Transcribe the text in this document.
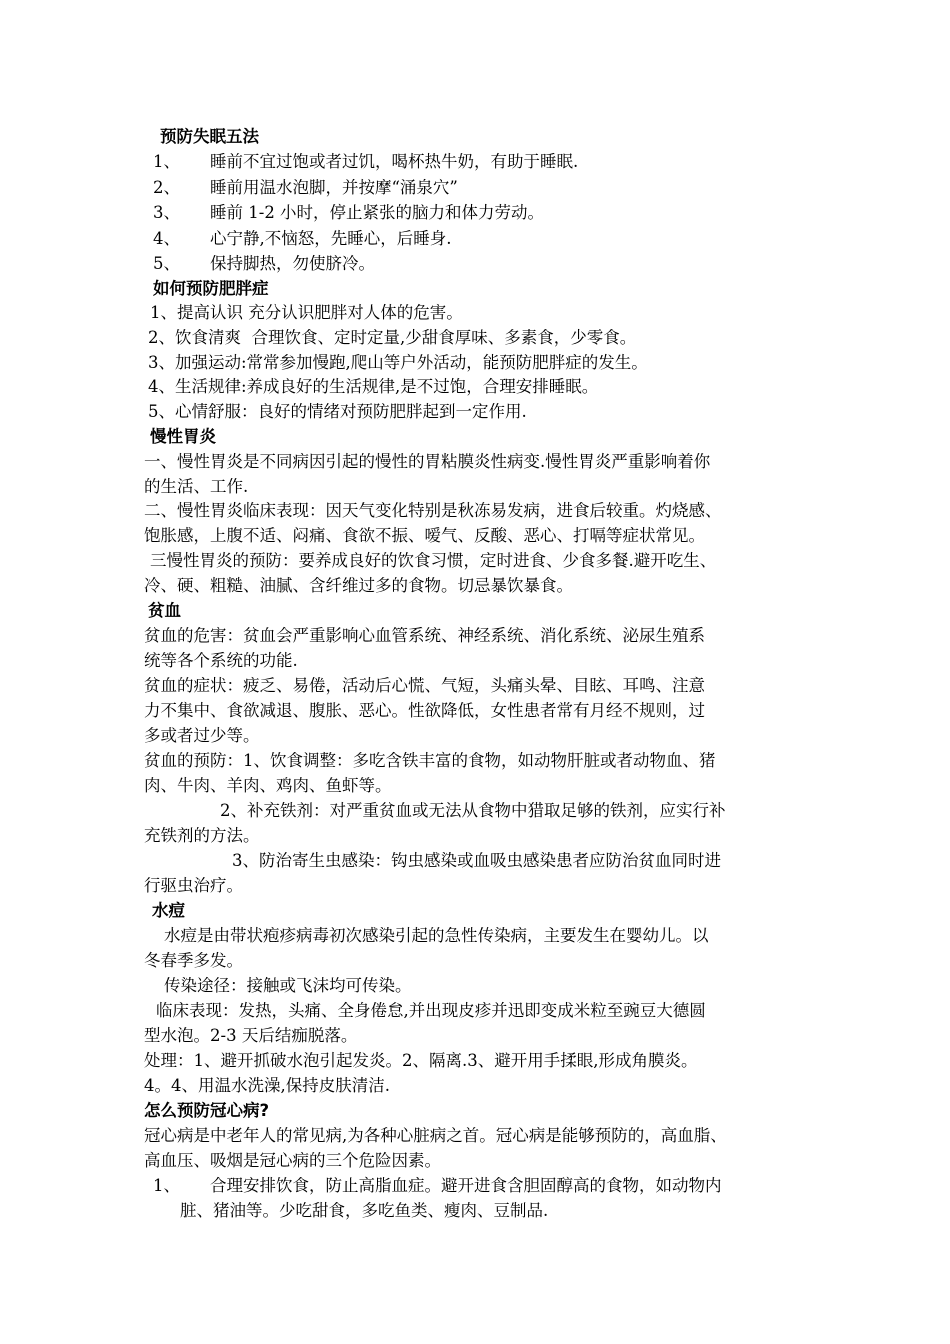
预防失眠五法
1、 睡前不宜过饱或者过饥，喝杯热牛奶，有助于睡眠.
2、 睡前用温水泡脚，并按摩“涌泉穴”
3、 睡前 1-2 小时，停止紧张的脑力和体力劳动。
4、 心宁静,不恼怒，先睡心，后睡身.
5、 保持脚热，勿使脐冷。
如何预防肥胖症
1、提高认识 充分认识肥胖对人体的危害。
2、饮食清爽  合理饮食、定时定量,少甜食厚味、多素食，少零食。
3、加强运动:常常参加慢跑,爬山等户外活动，能预防肥胖症的发生。
4、生活规律:养成良好的生活规律,是不过饱，合理安排睡眠。
5、心情舒服：良好的情绪对预防肥胖起到一定作用.
慢性胃炎
一、慢性胃炎是不同病因引起的慢性的胃粘膜炎性病变.慢性胃炎严重影响着你
的生活、工作.
二、慢性胃炎临床表现：因天气变化特别是秋冻易发病，进食后较重。灼烧感、
饱胀感，上腹不适、闷痛、食欲不振、嗳气、反酸、恶心、打嗝等症状常见。
三慢性胃炎的预防：要养成良好的饮食习惯，定时进食、少食多餐.避开吃生、
冷、硬、粗糙、油腻、含纤维过多的食物。切忌暴饮暴食。
贫血
贫血的危害：贫血会严重影响心血管系统、神经系统、消化系统、泌尿生殖系
统等各个系统的功能.
贫血的症状：疲乏、易倦，活动后心慌、气短，头痛头晕、目眩、耳鸣、注意
力不集中、食欲减退、腹胀、恶心。性欲降低，女性患者常有月经不规则，过
多或者过少等。
贫血的预防：1、饮食调整：多吃含铁丰富的食物，如动物肝脏或者动物血、猪
肉、牛肉、羊肉、鸡肉、鱼虾等。
2、补充铁剂：对严重贫血或无法从食物中猎取足够的铁剂，应实行补
充铁剂的方法。
3、防治寄生虫感染：钩虫感染或血吸虫感染患者应防治贫血同时进
行驱虫治疗。
水痘
水痘是由带状疱疹病毒初次感染引起的急性传染病，主要发生在婴幼儿。以
冬春季多发。
传染途径：接触或飞沫均可传染。
临床表现：发热，头痛、全身倦怠,并出现皮疹并迅即变成米粒至豌豆大德圆
型水泡。2-3 天后结痂脱落。
处理：1、避开抓破水泡引起发炎。2、隔离.3、避开用手揉眼,形成角膜炎。
4。4、用温水洗澡,保持皮肤清洁.
怎么预防冠心病?
冠心病是中老年人的常见病,为各种心脏病之首。冠心病是能够预防的，高血脂、
高血压、吸烟是冠心病的三个危险因素。
1、 合理安排饮食，防止高脂血症。避开进食含胆固醇高的食物，如动物内
脏、猪油等。少吃甜食，多吃鱼类、瘦肉、豆制品.
